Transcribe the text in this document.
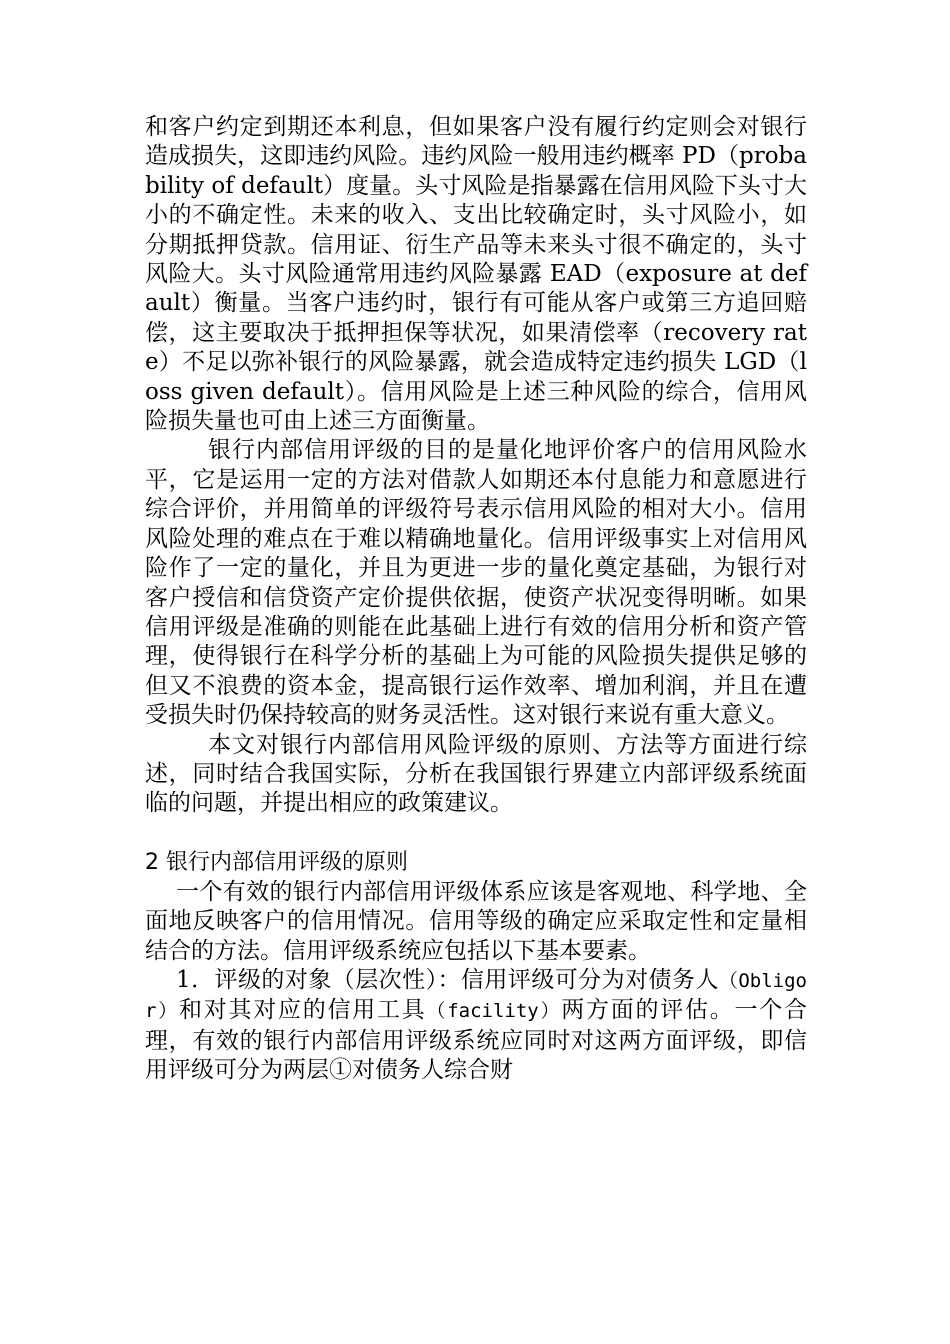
和客户约定到期还本利息，但如果客户没有履行约定则会对银行造成损失，这即违约风险。违约风险一般用违约概率 PD（probability of default）度量。头寸风险是指暴露在信用风险下头寸大小的不确定性。未来的收入、支出比较确定时，头寸风险小，如分期抵押贷款。信用证、衍生产品等未来头寸很不确定的，头寸风险大。头寸风险通常用违约风险暴露 EAD（exposure at default）衡量。当客户违约时，银行有可能从客户或第三方追回赔偿，这主要取决于抵押担保等状况，如果清偿率（recovery rate）不足以弥补银行的风险暴露，就会造成特定违约损失 LGD（loss given default）。信用风险是上述三种风险的综合，信用风险损失量也可由上述三方面衡量。

银行内部信用评级的目的是量化地评价客户的信用风险水平，它是运用一定的方法对借款人如期还本付息能力和意愿进行综合评价，并用简单的评级符号表示信用风险的相对大小。信用风险处理的难点在于难以精确地量化。信用评级事实上对信用风险作了一定的量化，并且为更进一步的量化奠定基础，为银行对客户授信和信贷资产定价提供依据，使资产状况变得明晰。如果信用评级是准确的则能在此基础上进行有效的信用分析和资产管理，使得银行在科学分析的基础上为可能的风险损失提供足够的但又不浪费的资本金，提高银行运作效率、增加利润，并且在遭受损失时仍保持较高的财务灵活性。这对银行来说有重大意义。

本文对银行内部信用风险评级的原则、方法等方面进行综述，同时结合我国实际，分析在我国银行界建立内部评级系统面临的问题，并提出相应的政策建议。

2 银行内部信用评级的原则

一个有效的银行内部信用评级体系应该是客观地、科学地、全面地反映客户的信用情况。信用等级的确定应采取定性和定量相结合的方法。信用评级系统应包括以下基本要素。

1．评级的对象（层次性）：信用评级可分为对债务人（Obligor）和对其对应的信用工具（facility）两方面的评估。一个合理，有效的银行内部信用评级系统应同时对这两方面评级，即信用评级可分为两层①对债务人综合财
